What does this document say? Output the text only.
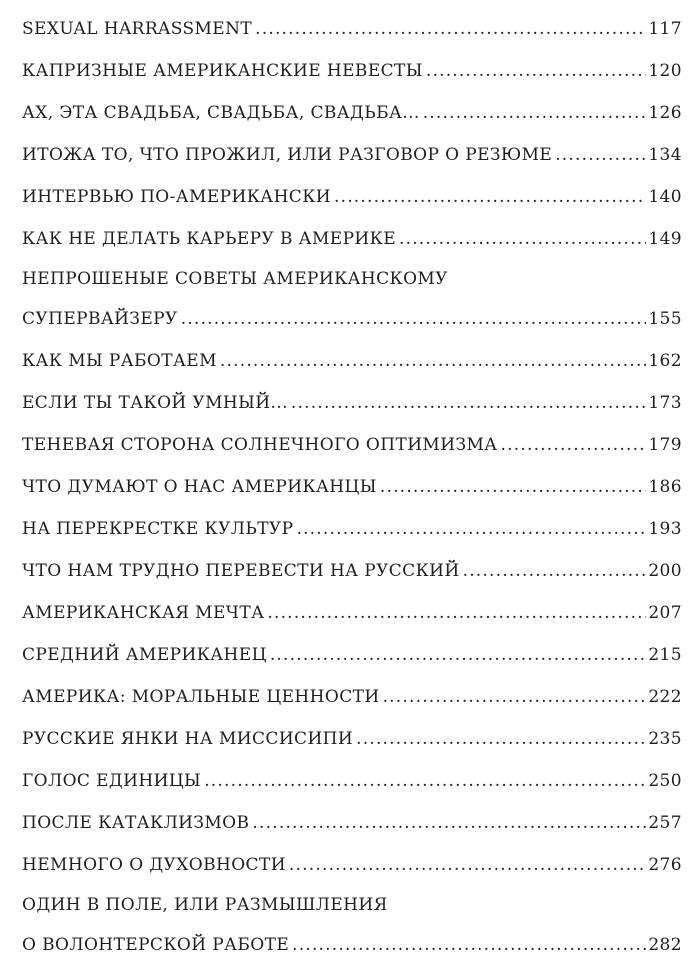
SEXUAL HARRASSMENT .....	117
КАПРИЗНЫЕ АМЕРИКАНСКИЕ НЕВЕСТЫ .....	120
АХ, ЭТА СВАДЬБА, СВАДЬБА, СВАДЬБА... .....	126
ИТОЖА ТО, ЧТО ПРОЖИЛ, ИЛИ РАЗГОВОР О РЕЗЮМЕ .....	134
ИНТЕРВЬЮ ПО-АМЕРИКАНСКИ .....	140
КАК НЕ ДЕЛАТЬ КАРЬЕРУ В АМЕРИКЕ .....	149
НЕПРОШЕНЫЕ СОВЕТЫ АМЕРИКАНСКОМУ
СУПЕРВАЙЗЕРУ .....	155
КАК МЫ РАБОТАЕМ .....	162
ЕСЛИ ТЫ ТАКОЙ УМНЫЙ... .....	173
ТЕНЕВАЯ СТОРОНА СОЛНЕЧНОГО ОПТИМИЗМА .....	179
ЧТО ДУМАЮТ О НАС АМЕРИКАНЦЫ .....	186
НА ПЕРЕКРЕСТКЕ КУЛЬТУР .....	193
ЧТО НАМ ТРУДНО ПЕРЕВЕСТИ НА РУССКИЙ .....	200
АМЕРИКАНСКАЯ МЕЧТА .....	207
СРЕДНИЙ АМЕРИКАНЕЦ .....	215
АМЕРИКА: МОРАЛЬНЫЕ ЦЕННОСТИ .....	222
РУССКИЕ ЯНКИ НА МИССИСИПИ .....	235
ГОЛОС ЕДИНИЦЫ .....	250
ПОСЛЕ КАТАКЛИЗМОВ .....	257
НЕМНОГО О ДУХОВНОСТИ .....	276
ОДИН В ПОЛЕ, ИЛИ РАЗМЫШЛЕНИЯ
О ВОЛОНТЕРСКОЙ РАБОТЕ .....	282
